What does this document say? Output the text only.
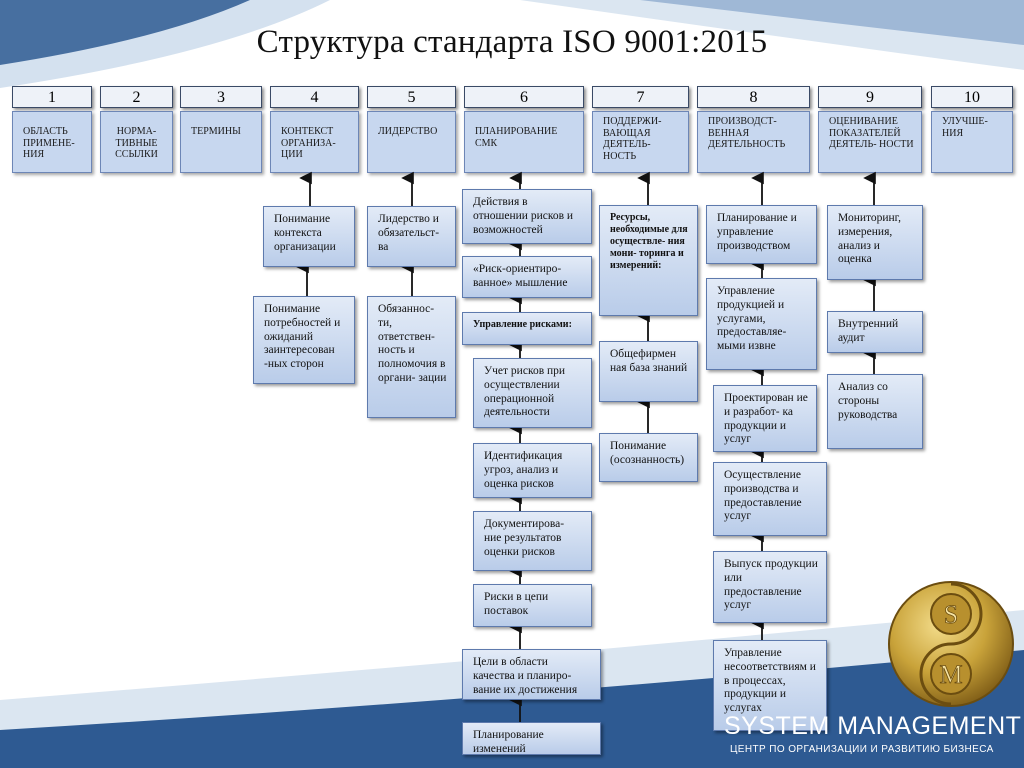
Структура стандарта ISO 9001:2015
1	2	3	4	5	6	7	8	9	10
ОБЛАСТЬ ПРИМЕНЕ- НИЯ
НОРМА- ТИВНЫЕ ССЫЛКИ
ТЕРМИНЫ	КОНТЕКСТ ОРГАНИЗА- ЦИИ
ЛИДЕРСТВО	ПЛАНИРОВАНИЕ СМК
ПОДДЕРЖИ- ВАЮЩАЯ ДЕЯТЕЛЬ- НОСТЬ
ПРОИЗВОДСТ- ВЕННАЯ ДЕЯТЕЛЬНОСТЬ
ОЦЕНИВАНИЕ ПОКАЗАТЕЛЕЙ ДЕЯТЕЛЬ- НОСТИ
УЛУЧШЕ- НИЯ
Понимание контекста организации
Понимание потребностей и ожиданий заинтересован -ных сторон
Лидерство и обязательст- ва
Обязаннос- ти, ответствен- ность и полномочия в органи- зации
Действия в отношении рисков и возможностей
«Риск-ориентиро- ванное» мышление
Управление рисками:
Учет рисков при осуществлении операционной деятельности
Идентификация угроз, анализ и оценка рисков
Документирова- ние результатов оценки рисков
Риски в цепи поставок
Цели в области качества и планиро- вание их достижения
Планирование изменений
Ресурсы, необходимые для осуществле- ния мони- торинга и измерений:
Общефирмен ная база знаний
Понимание (осознанность)
Планирование и управление производством
Управление продукцией и услугами, предоставляе- мыми извне
Проектирован ие и разработ- ка продукции и услуг
Осуществление производства и предоставление услуг
Выпуск продукции или предоставление услуг
Управление несоответствиям и в процессах, продукции и услугах
Мониторинг, измерения, анализ и оценка
Внутренний аудит
Анализ со стороны руководства
S
M
SYSTEM MANAGEMENT
ЦЕНТР ПО ОРГАНИЗАЦИИ И РАЗВИТИЮ БИЗНЕСА
